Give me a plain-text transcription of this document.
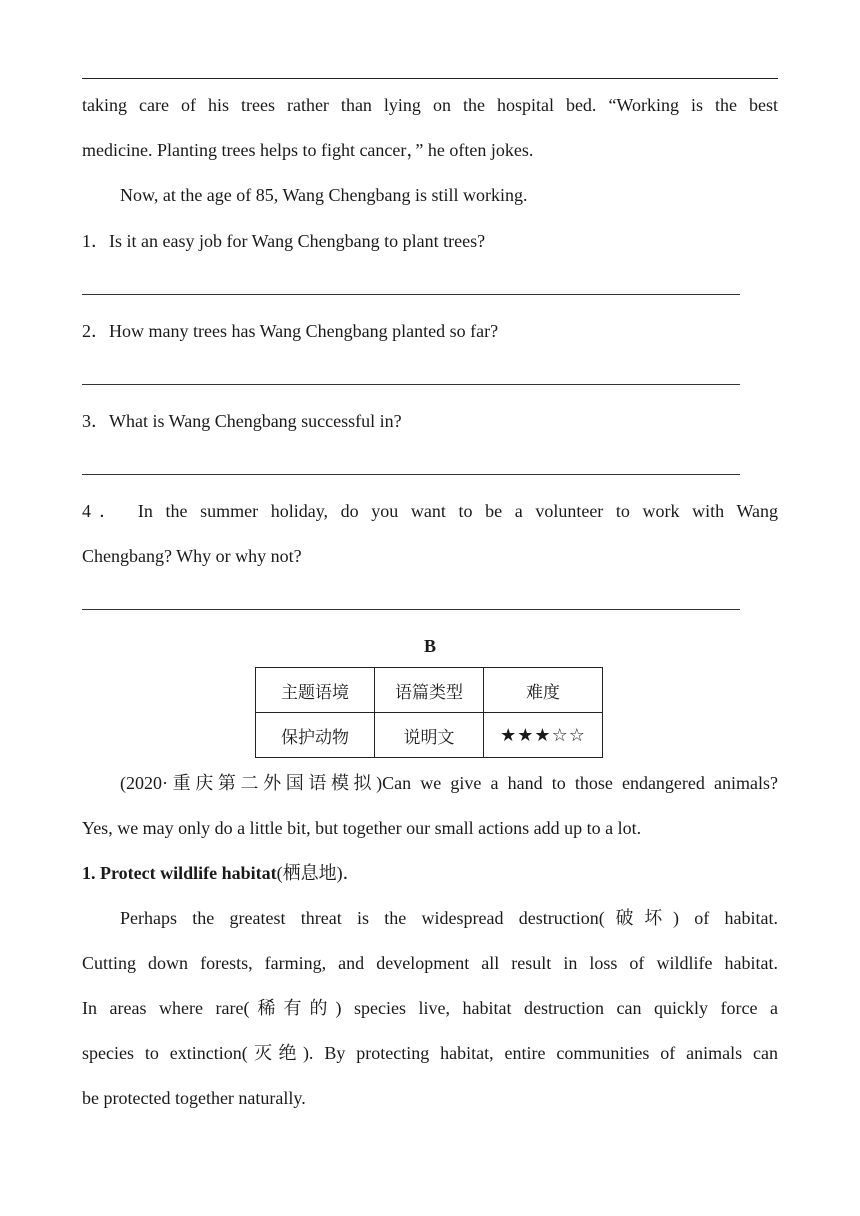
taking care of his trees rather than lying on the hospital bed. “Working is the best
medicine. Planting trees helps to fight cancer，” he often jokes.
Now, at the age of 85, Wang Chengbang is still working.
1．Is it an easy job for Wang Chengbang to plant trees?
2．How many trees has Wang Chengbang planted so far?
3．What is Wang Chengbang successful in?
4． In the summer holiday, do you want to be a volunteer to work with Wang
Chengbang? Why or why not?
B
主题语境	语篇类型	难度
保护动物	说明文	★★★☆☆
(2020·重庆第二外国语模拟)Can we give a hand to those endangered animals?
Yes, we may only do a little bit, but together our small actions add up to a lot.
1. Protect wildlife habitat(栖息地)．
Perhaps the greatest threat is the widespread destruction(破坏) of habitat.
Cutting down forests, farming, and development all result in loss of wildlife habitat.
In areas where rare(稀有的) species live, habitat destruction can quickly force a
species to extinction(灭绝). By protecting habitat, entire communities of animals can
be protected together naturally.
